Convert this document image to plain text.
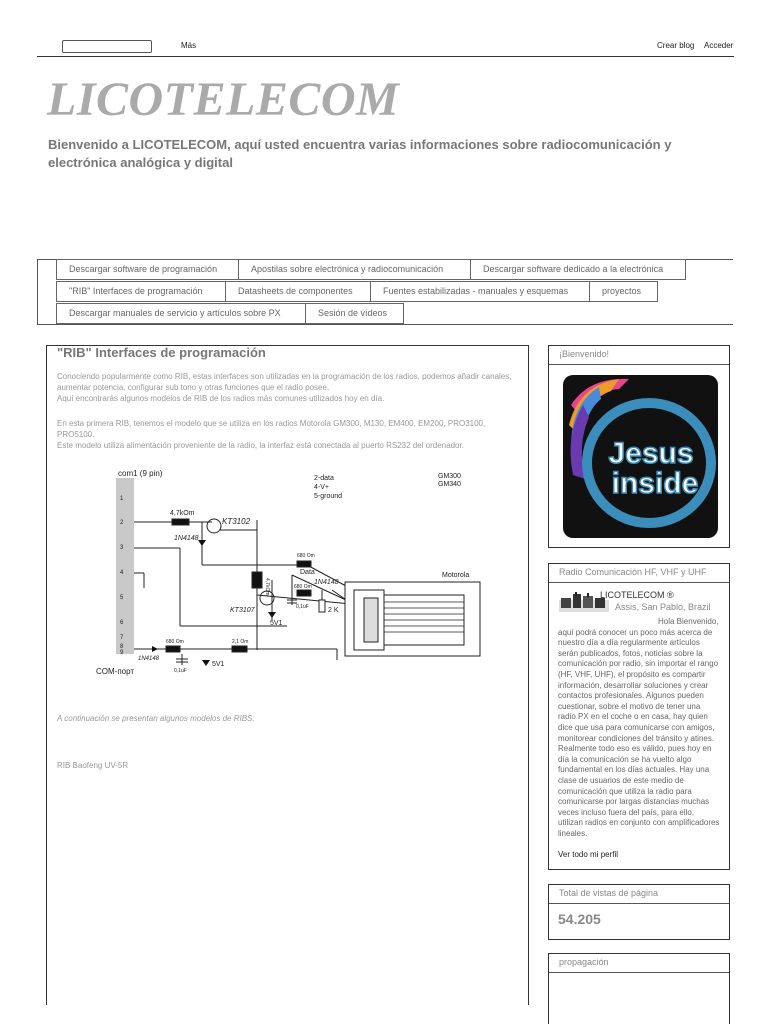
Más	Crear blog Acceder
LICOTELECOM
Bienvenido a LICOTELECOM, aquí usted encuentra varias informaciones sobre radiocomunicación y electrónica analógica y digital
Descargar software de programación	Apostilas sobre electrónica y radiocomunicación	Descargar software dedicado a la electrónica
"RIB" Interfaces de programación	Datasheets de componentes	Fuentes estabilizadas - manuales y esquemas	proyectos
Descargar manuales de servicio y artículos sobre PX	Sesión de vídeos
"RIB" Interfaces de programación
Conociendo popularmente como RIB, estas interfaces son utilizadas en la programación de los radios, podemos añadir canales, aumentar potencia, configurar sub tono y otras funciones que el radio posee.
Aquí encontrarás algunos modelos de RIB de los radios más comunes utilizados hoy en día.
En esta primera RIB, tenemos el modelo que se utiliza en los radios Motorola GM300, M130, EM400, EM200, PRO3100, PRO5100.
Este modelo utiliza alimentación proveniente de la radio, la interfaz está conectada al puerto RS232 del ordenador.
com1 (9 pin)
1
2
3
4
5
6
7
8
9
COM-порт
2-data
4-V+
5-ground
GM300
GM340
4,7kOm
KT3102
1N4148
4,7kOm
680 Om
Data
680 Om
1N4148
0,1uF	2 K
KT3107
5V1
Motorola
1N4148
680 Om	2,1 Om
0,1uF
5V1
A continuación se presentan algunos modelos de RIBS:
RIB Baofeng UV-5R
¡Bienvenido!
Jesus
inside
Radio Comunicación HF, VHF y UHF
LICOTELECOM ®
Assis, San Pablo, Brazil
Hola Bienvenido, aquí podrá conocer un poco más acerca de nuestro día a día regularmente artículos serán publicados, fotos, noticias sobre la comunicación por radio, sin importar el rango (HF, VHF, UHF), el propósito es compartir información, desarrollar soluciones y crear contactos profesionales. Algunos pueden cuestionar, sobre el motivo de tener una radio PX en el coche o en casa, hay quien dice que usa para comunicarse con amigos, monitorear condiciones del tránsito y atines. Realmente todo eso es válido, pues hoy en día la comunicación se ha vuelto algo fundamental en los días actuales. Hay una clase de usuarios de este medio de comunicación que utiliza la radio para comunicarse por largas distancias muchas veces incluso fuera del país, para ello, utilizan radios en conjunto con amplificadores lineales.
Ver todo mi perfil
Total de vistas de página
54.205
propagación
